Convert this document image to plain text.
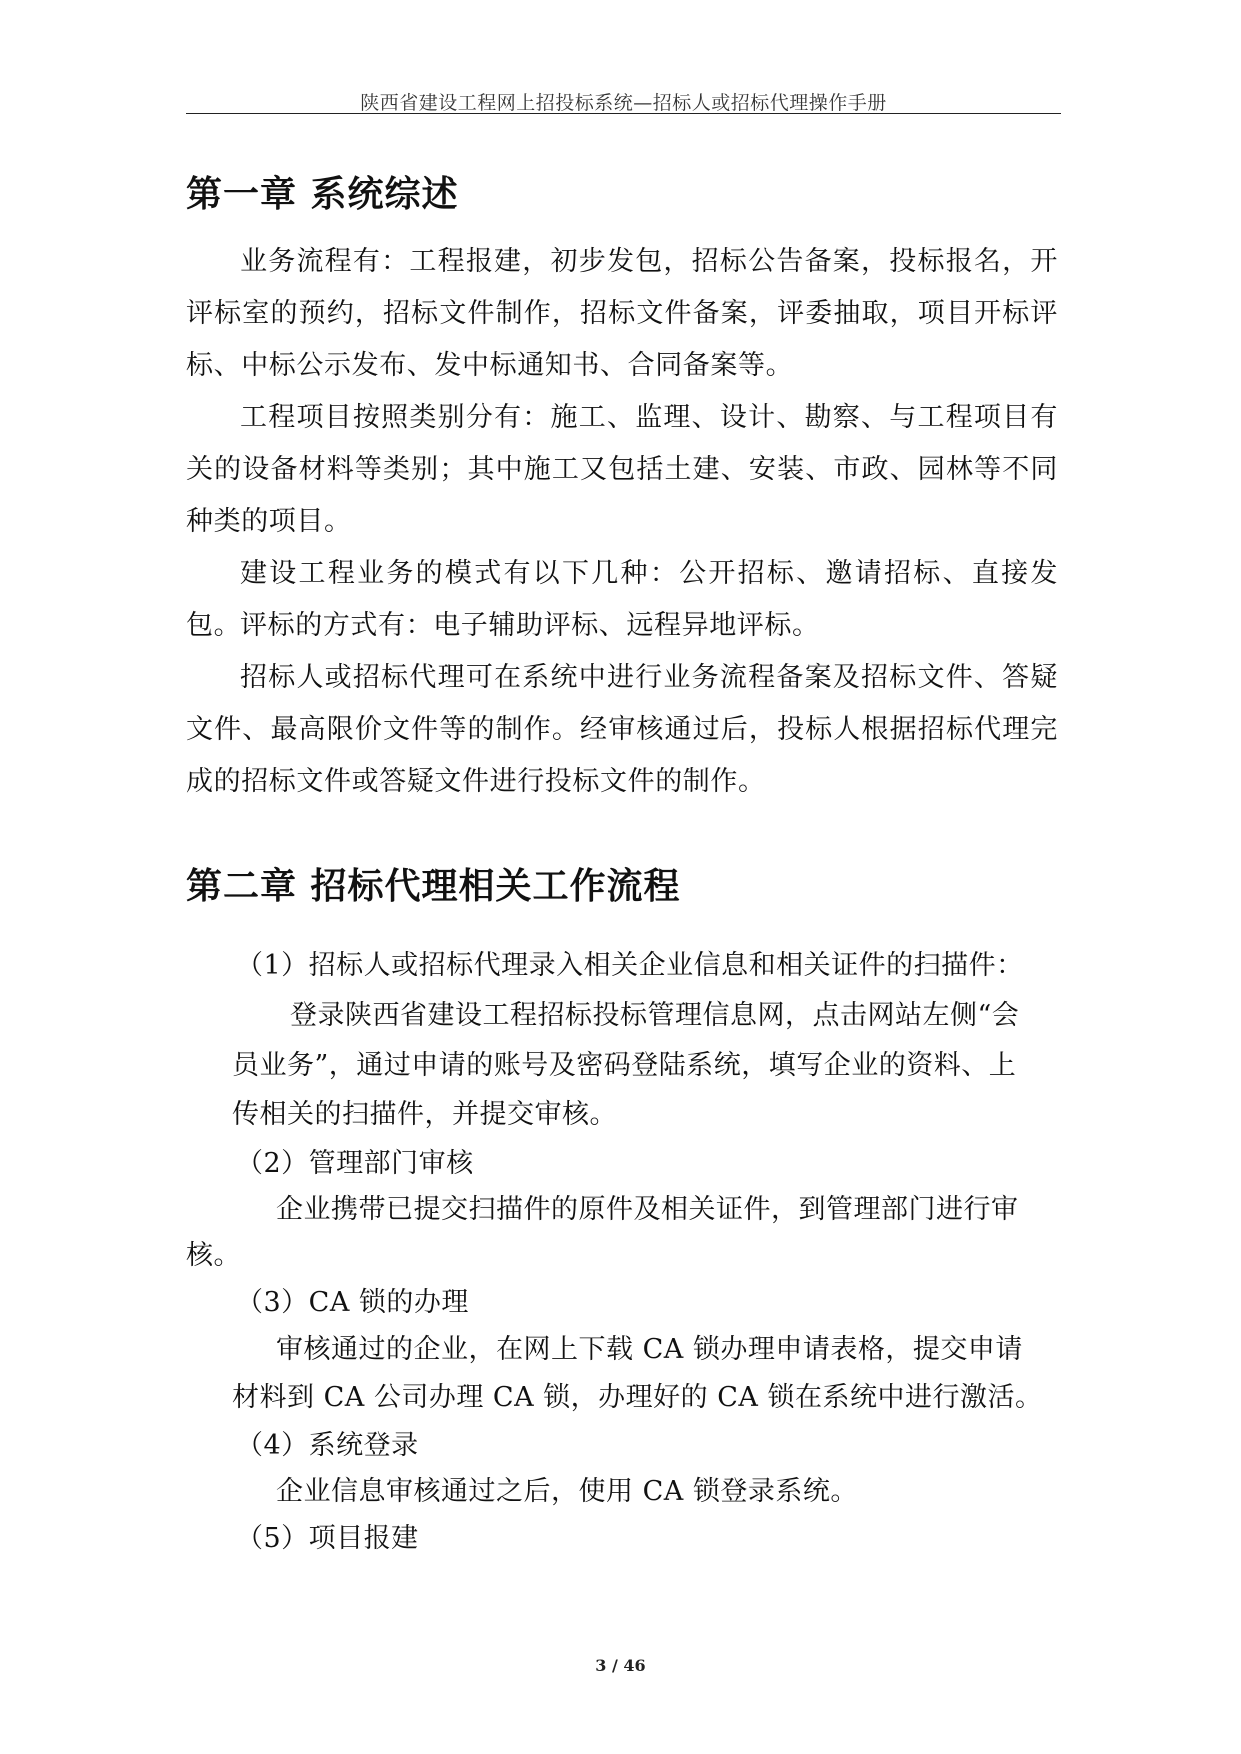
陕西省建设工程网上招投标系统—招标人或招标代理操作手册
第一章 系统综述
业务流程有：工程报建，初步发包，招标公告备案，投标报名，开评标室的预约，招标文件制作，招标文件备案，评委抽取，项目开标评标、中标公示发布、发中标通知书、合同备案等。
工程项目按照类别分有：施工、监理、设计、勘察、与工程项目有关的设备材料等类别；其中施工又包括土建、安装、市政、园林等不同种类的项目。
建设工程业务的模式有以下几种：公开招标、邀请招标、直接发包。
评标的方式有：电子辅助评标、远程异地评标。
招标人或招标代理可在系统中进行业务流程备案及招标文件、答疑文件、最高限价文件等的制作。经审核通过后，投标人根据招标代理完成的招标文件或答疑文件进行投标文件的制作。
第二章 招标代理相关工作流程
（1）招标人或招标代理录入相关企业信息和相关证件的扫描件：
登录陕西省建设工程招标投标管理信息网，点击网站左侧“会
员业务”，通过申请的账号及密码登陆系统，填写企业的资料、上
传相关的扫描件，并提交审核。
（2）管理部门审核
企业携带已提交扫描件的原件及相关证件，到管理部门进行审
核。
（3）CA 锁的办理
审核通过的企业，在网上下载 CA 锁办理申请表格，提交申请
材料到 CA 公司办理 CA 锁，办理好的 CA 锁在系统中进行激活。
（4）系统登录
企业信息审核通过之后，使用 CA 锁登录系统。
（5）项目报建
3 / 46
